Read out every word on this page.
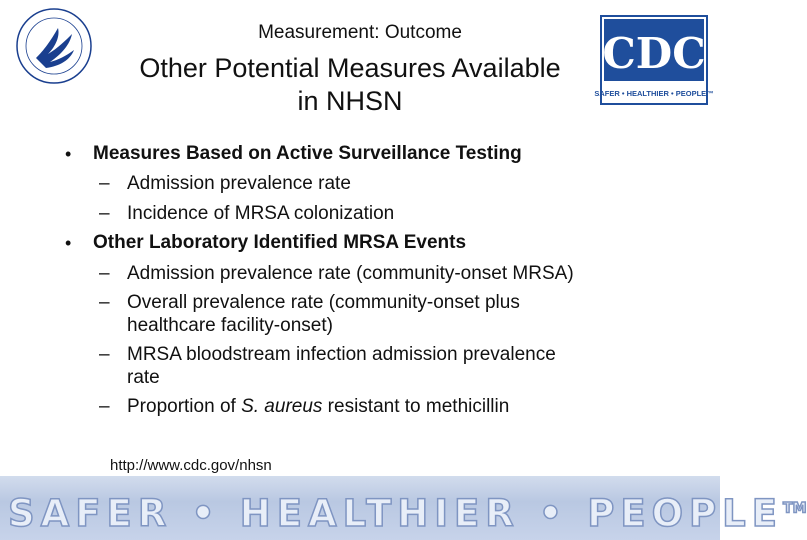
CDC
SAFER • HEALTHIER • PEOPLE™
Measurement: Outcome
Other Potential Measures Available
in NHSN
• Measures Based on Active Surveillance Testing
– Admission prevalence rate
– Incidence of MRSA colonization
• Other Laboratory Identified MRSA Events
– Admission prevalence rate (community-onset MRSA)
– Overall prevalence rate (community-onset plus
healthcare facility-onset)
– MRSA bloodstream infection admission prevalence
rate
– Proportion of S. aureus resistant to methicillin
http://www.cdc.gov/nhsn
SAFER • HEALTHIER • PEOPLE™
